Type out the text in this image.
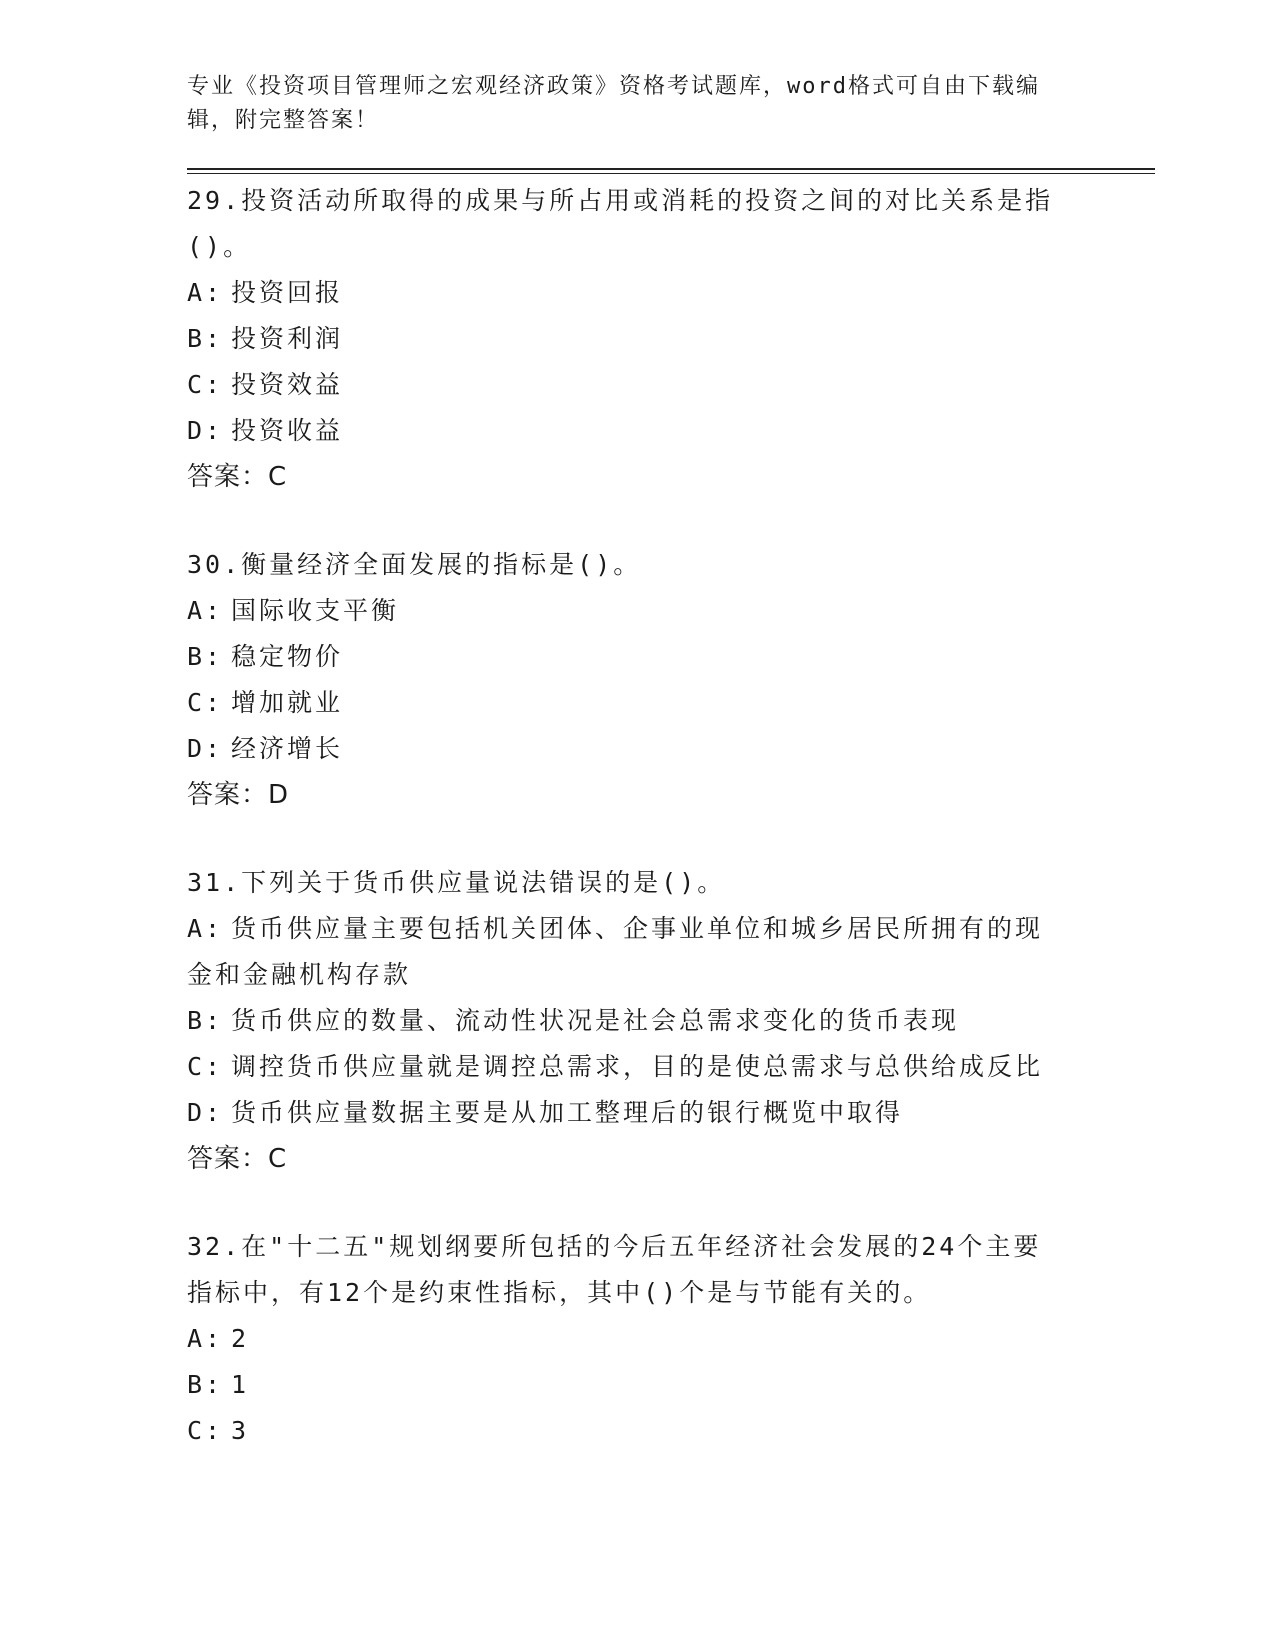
专业《投资项目管理师之宏观经济政策》资格考试题库，word格式可自由下载编辑，附完整答案！
29.投资活动所取得的成果与所占用或消耗的投资之间的对比关系是指()。
A: 投资回报
B: 投资利润
C: 投资效益
D: 投资收益
答案：C
30.衡量经济全面发展的指标是()。
A: 国际收支平衡
B: 稳定物价
C: 增加就业
D: 经济增长
答案：D
31.下列关于货币供应量说法错误的是()。
A: 货币供应量主要包括机关团体、企事业单位和城乡居民所拥有的现金和金融机构存款
B: 货币供应的数量、流动性状况是社会总需求变化的货币表现
C: 调控货币供应量就是调控总需求，目的是使总需求与总供给成反比
D: 货币供应量数据主要是从加工整理后的银行概览中取得
答案：C
32.在"十二五"规划纲要所包括的今后五年经济社会发展的24个主要指标中，有12个是约束性指标，其中()个是与节能有关的。
A: 2
B: 1
C: 3
